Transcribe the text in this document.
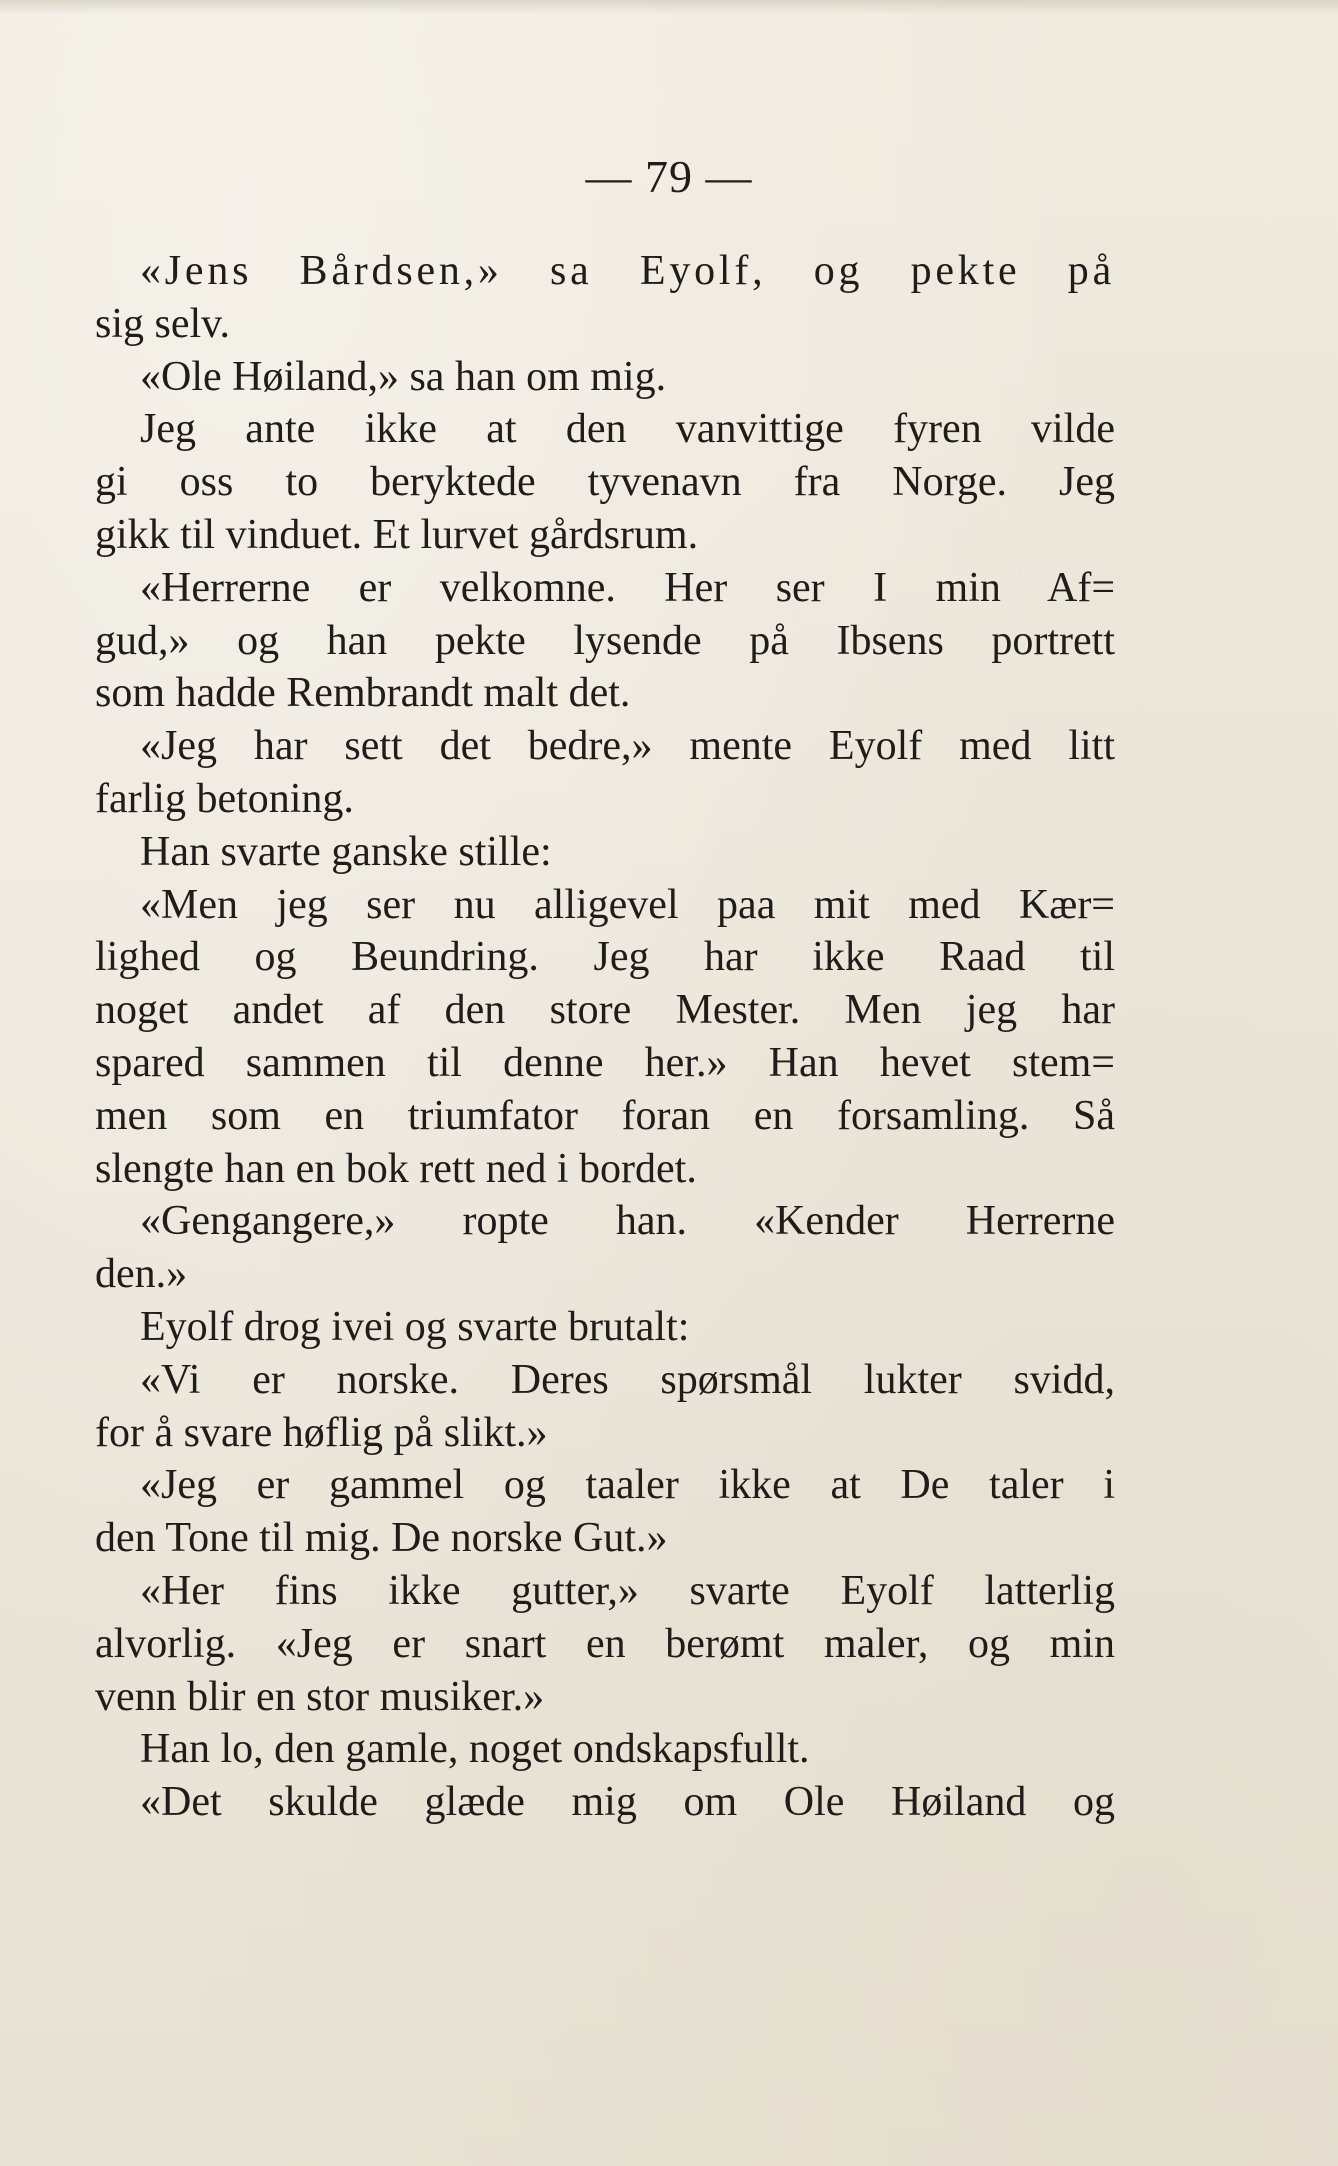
— 79 —
«Jens Bårdsen,» sa Eyolf, og pekte på
sig selv.
«Ole Høiland,» sa han om mig.
Jeg ante ikke at den vanvittige fyren vilde
gi oss to beryktede tyvenavn fra Norge. Jeg
gikk til vinduet. Et lurvet gårdsrum.
«Herrerne er velkomne. Her ser I min Af=
gud,» og han pekte lysende på Ibsens portrett
som hadde Rembrandt malt det.
«Jeg har sett det bedre,» mente Eyolf med litt
farlig betoning.
Han svarte ganske stille:
«Men jeg ser nu alligevel paa mit med Kær=
lighed og Beundring. Jeg har ikke Raad til
noget andet af den store Mester. Men jeg har
spared sammen til denne her.» Han hevet stem=
men som en triumfator foran en forsamling. Så
slengte han en bok rett ned i bordet.
«Gengangere,» ropte han. «Kender Herrerne
den.»
Eyolf drog ivei og svarte brutalt:
«Vi er norske. Deres spørsmål lukter svidd,
for å svare høflig på slikt.»
«Jeg er gammel og taaler ikke at De taler i
den Tone til mig. De norske Gut.»
«Her fins ikke gutter,» svarte Eyolf latterlig
alvorlig. «Jeg er snart en berømt maler, og min
venn blir en stor musiker.»
Han lo, den gamle, noget ondskapsfullt.
«Det skulde glæde mig om Ole Høiland og
